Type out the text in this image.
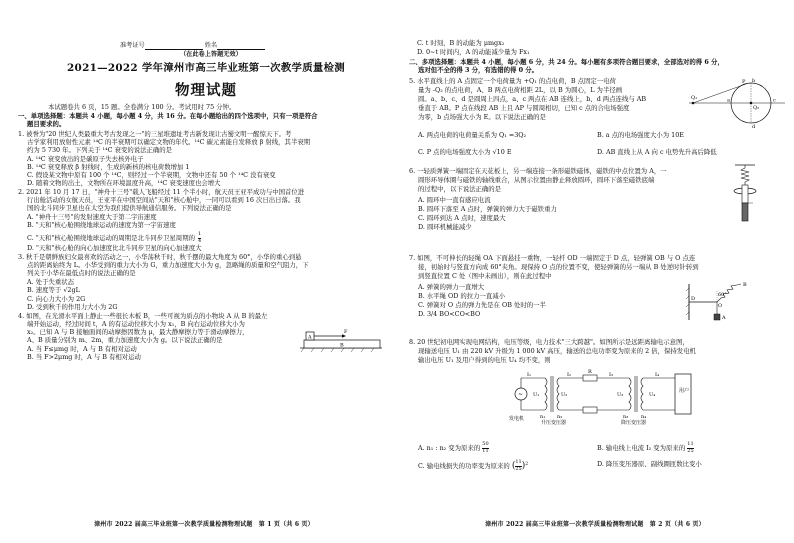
准考证号	姓名
（在此卷上答题无效）
2021—2022 学年漳州市高三毕业班第一次教学质量检测
物理试题
本试题卷共 6 页，15 题。全卷满分 100 分。考试用时 75 分钟。
一、单项选择题：本题共 4 小题，每小题 4 分，共 16 分。在每小题给出的四个选项中，只有一项是符合
题目要求的。
1. 被誉为"20 世纪人类最重大考古发现之一"的三星堆遗址考古新发现让古蜀文明一醒惊天下。考
古学家利用放射性元素 ¹⁴C 的半衰期可以确定文物的年代。¹⁴C 碳元素能自发释放 β 射线，其半衰期
约为 5 730 年。下列关于 ¹⁴C 衰变的说法正确的是
A. ¹⁴C 衰变放出的是碳原子失去核外电子
B. ¹⁴C 衰变释放 β 射线时，生成的新核的核电荷数增加 1
C. 假设某文物中原有 100 个 ¹⁴C，则经过一个半衰期，文物中还有 50 个 ¹⁴C 没有衰变
D. 随着文物的出土，文物所在环境温度升高，¹⁴C 衰变速度也会增大
2. 2021 年 10 月 17 日，"神舟十三号"载人飞船经过 11 个半小时，航天员王亚平成功与中国首位进
行出舱活动的女航天员，王亚平在中国空间站"天和"核心舱中，一同可以看到 16 次日出日落。我
国的北斗同步卫星也在太空为我们提供导航通信服务。下列说法正确的是
A. "神舟十三号"的发射速度大于第二宇宙速度
B. "天和"核心舱围绕地球运动的速度为第一宇宙速度
C. "天和"核心舱围绕地球运动的周期是北斗同步卫星周期的 $\frac{1}{4}$
D. "天和"核心舱的向心加速度比北斗同步卫星的向心加速度大
3. 秋千是朝鲜族妇女最喜欢的活动之一，小华荡秋千时，秋千摆的最大角度为 60°，小华的重心到悬
点的距离始终为 L。小华受到的重力大小为 G，重力加速度大小为 g，忽略绳的质量和空气阻力，下
列关于小华在最低点时的说法正确的是
A. 处于失重状态
B. 速度等于 √2gL
C. 向心力大小为 2G
D. 受到秋千的作用力大小为 2G
4. 如图，在光滑水平面上静止一些很长木板 B，一些可视为质点的小物块 A 从 B 的最左
端开始运动，经过时间 t，A 的有运动位移大小为 x₁，B 向右运动位移大小为
x₂。已知 A 与 B 接触面间的动摩擦因数为 μ，最大静摩擦力等于滑动摩擦力，
A、B 质量分别为 m、2m，重力加速度大小为 g。以下说法正确的是
A. 当 F≤μmg 时，A 与 B 有相对运动
B. 当 F>2μmg 时，A 与 B 有相对运动
A
B
F
漳州市 2022 届高三毕业班第一次教学质量检测物理试题　第 1 页（共 6 页）
C. t 时刻，B 的动能为 μmgx₂
D. 0~t 时间内，A 的动能减少量为 Fx₁
二、多项选择题：本题共 4 小题，每小题 6 分，共 24 分。每小题有多项符合题目要求，全部选对的得 6 分，
选对但不全的得 3 分，有选错的得 0 分。
5. 水平直线上的 A 点固定一个电荷量为 +Q₁ 的点电荷，B 点固定一电荷
量为 -Q₂ 的点电荷，A、B 两点电荷相距 2L，以 B 为圆心，L 为半径画
圆。a、b、c、d 是圆周上四点，a、c 两点在 AB 连线上，b、d 两点连线与 AB
垂直于 AB。P 点在线段 AB 上且 AP 与圆周相切，已知 c 点的合电场强度
为零，b 点场强大小为 E。以下说法正确的是
A. 两点电荷的电荷量关系为 Q₁ =3Q₂	B. a 点的电场强度大小为 10E
C. P 点的电场强度大小为 √10 E	D. AB 直线上从 A 向 c 电势先升高后降低
Q₁
Q₂
a
b
c
d
P
6. 一轻质弹簧一端固定在天花板上，另一端连接一条形磁铁磁体，磁铁的中点位置为 A，一
圆形环导体圈与磁铁的轴线重合，从图示位置由静止释放圆环，圆环下落至磁铁底端
的过程中，以下说法正确的是
A. 圆环中一直有感应电流
B. 圆环下落至 A 点时，弹簧的弹力大于磁铁重力
C. 圆环到达 A 点时，速度最大
D. 圆环机械能减少
7. 如图，不可伸长的轻绳 OA 下面悬挂一重物，一轻杆 OD 一端固定于 D 点，轻弹簧 OB 与 O 点连
接，初始时与竖直方向成 60°夹角。现保持 O 点的位置不变，使轻弹簧的另一端从 B 处逆时针转到
到竖直位置 C 处（图中未画出），则在此过程中
A. 弹簧的弹力一直增大
B. 水平绳 OD 的拉力一直减小
C. 弹簧对 O 点的弹力先是在 OB 处时的一半
D. 3/4 BO<CO<BO
O
B
D
A
60°
8. 20 世纪初电网实现电网结构，电压等级，电力技术"三大跨越"。如图所示是远距离输电示意图，
现输送电压 U₁ 由 220 kV 升级为 1 000 kV 高压，输送的总电功率变为原来的 2 倍，保持发电机
输出电压 U₁ 及用户得到的电压 U₄ 均不变，则
~	用户
I₁	I₂	I₃	I₄
U₁	U₂	U₃	U₄
n₁ n₂	n₃	n₄
R
升压变压器	降压变压器
发电机
A. n₁ : n₂ 变为原来的 $\frac{50}{11}$	B. 输电线上电流 I₂ 变为原来的 $\frac{11}{25}$
C. 输电线损失的功率变为原来的 ( $\frac{11}{25} )^2$	D. 降压变压器原、副线圈匝数比变小
漳州市 2022 届高三毕业班第一次教学质量检测物理试题　第 2 页（共 6 页）
